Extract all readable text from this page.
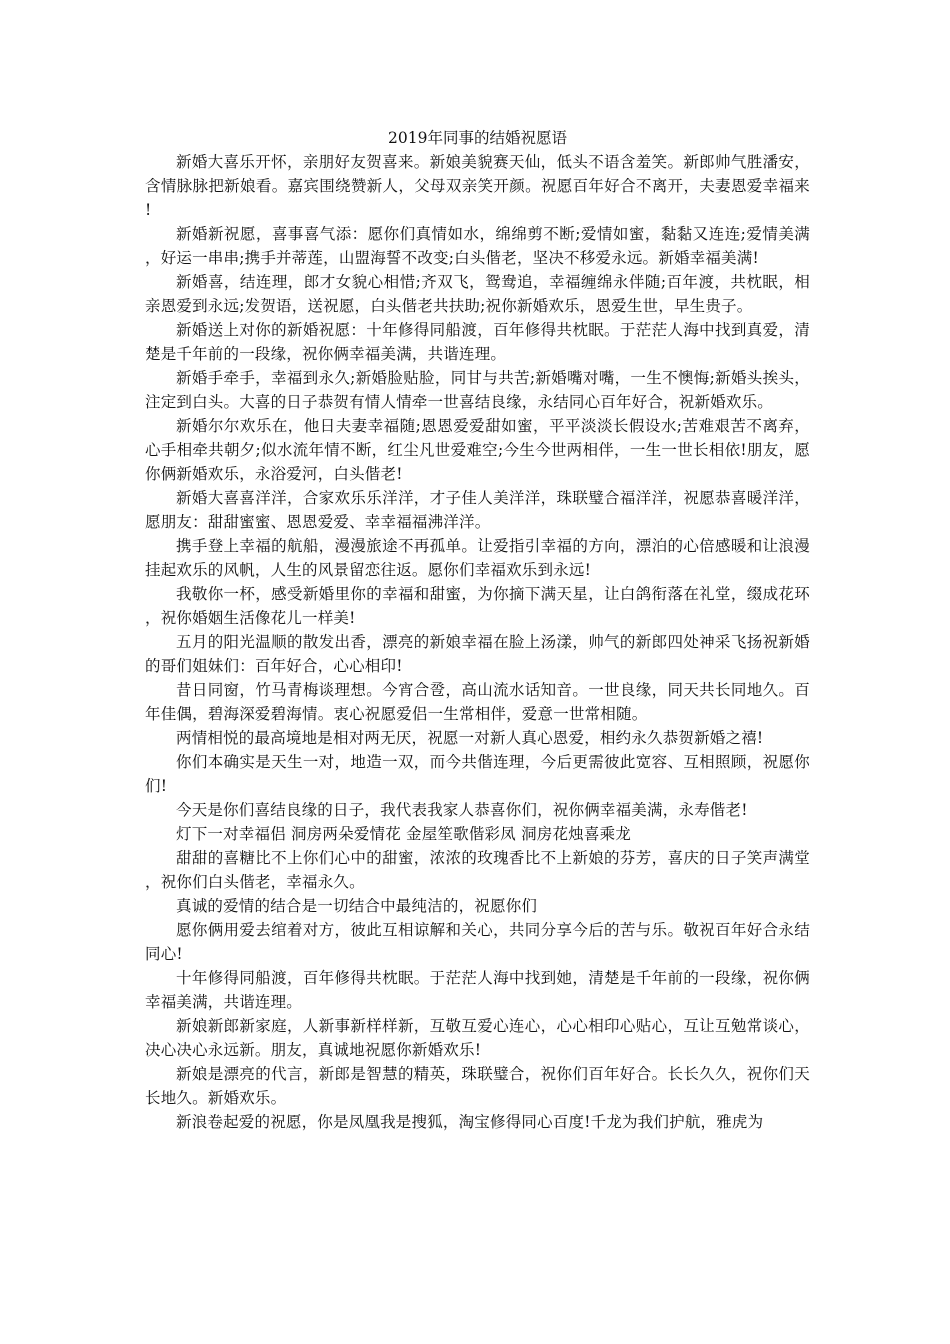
2019年同事的结婚祝愿语

新婚大喜乐开怀，亲朋好友贺喜来。新娘美貌赛天仙，低头不语含羞笑。新郎帅气胜潘安，含情脉脉把新娘看。嘉宾围绕赞新人，父母双亲笑开颜。祝愿百年好合不离开，夫妻恩爱幸福来!

新婚新祝愿，喜事喜气添：愿你们真情如水，绵绵剪不断;爱情如蜜，黏黏又连连;爱情美满，好运一串串;携手并蒂莲，山盟海誓不改变;白头偕老，坚决不移爱永远。新婚幸福美满!

新婚喜，结连理，郎才女貌心相惜;齐双飞，鸳鸯追，幸福缠绵永伴随;百年渡，共枕眠，相亲恩爱到永远;发贺语，送祝愿，白头偕老共扶助;祝你新婚欢乐，恩爱生世，早生贵子。

新婚送上对你的新婚祝愿：十年修得同船渡，百年修得共枕眠。于茫茫人海中找到真爱，清楚是千年前的一段缘，祝你俩幸福美满，共谐连理。

新婚手牵手，幸福到永久;新婚脸贴脸，同甘与共苦;新婚嘴对嘴，一生不懊悔;新婚头挨头，注定到白头。大喜的日子恭贺有情人情牵一世喜结良缘，永结同心百年好合，祝新婚欢乐。

新婚尔尔欢乐在，他日夫妻幸福随;恩恩爱爱甜如蜜，平平淡淡长假设水;苦难艰苦不离弃，心手相牵共朝夕;似水流年情不断，红尘凡世爱难空;今生今世两相伴，一生一世长相依!朋友，愿你俩新婚欢乐，永浴爱河，白头偕老!

新婚大喜喜洋洋，合家欢乐乐洋洋，才子佳人美洋洋，珠联璧合福洋洋，祝愿恭喜暖洋洋，愿朋友：甜甜蜜蜜、恩恩爱爱、幸幸福福沸洋洋。

携手登上幸福的航船，漫漫旅途不再孤单。让爱指引幸福的方向，漂泊的心倍感暖和让浪漫挂起欢乐的风帆，人生的风景留恋往返。愿你们幸福欢乐到永远!

我敬你一杯，感受新婚里你的幸福和甜蜜，为你摘下满天星，让白鸽衔落在礼堂，缀成花环，祝你婚姻生活像花儿一样美!

五月的阳光温顺的散发出香，漂亮的新娘幸福在脸上汤漾，帅气的新郎四处神采飞扬祝新婚的哥们姐妹们：百年好合，心心相印!

昔日同窗，竹马青梅谈理想。今宵合卺，高山流水话知音。一世良缘，同天共长同地久。百年佳偶，碧海深爱碧海情。衷心祝愿爱侣一生常相伴，爱意一世常相随。

两情相悦的最高境地是相对两无厌，祝愿一对新人真心恩爱，相约永久恭贺新婚之禧!

你们本确实是天生一对，地造一双，而今共偕连理，今后更需彼此宽容、互相照顾，祝愿你们!

今天是你们喜结良缘的日子，我代表我家人恭喜你们，祝你俩幸福美满，永寿偕老!

灯下一对幸福侣 洞房两朵爱情花 金屋笙歌偕彩凤 洞房花烛喜乘龙

甜甜的喜糖比不上你们心中的甜蜜，浓浓的玫瑰香比不上新娘的芬芳，喜庆的日子笑声满堂，祝你们白头偕老，幸福永久。

真诚的爱情的结合是一切结合中最纯洁的，祝愿你们

愿你俩用爱去绾着对方，彼此互相谅解和关心，共同分享今后的苦与乐。敬祝百年好合永结同心!

十年修得同船渡，百年修得共枕眠。于茫茫人海中找到她，清楚是千年前的一段缘，祝你俩幸福美满，共谐连理。

新娘新郎新家庭，人新事新样样新，互敬互爱心连心，心心相印心贴心，互让互勉常谈心，决心决心永远新。朋友，真诚地祝愿你新婚欢乐!

新娘是漂亮的代言，新郎是智慧的精英，珠联璧合，祝你们百年好合。长长久久，祝你们天长地久。新婚欢乐。

新浪卷起爱的祝愿，你是凤凰我是搜狐，淘宝修得同心百度!千龙为我们护航，雅虎为
